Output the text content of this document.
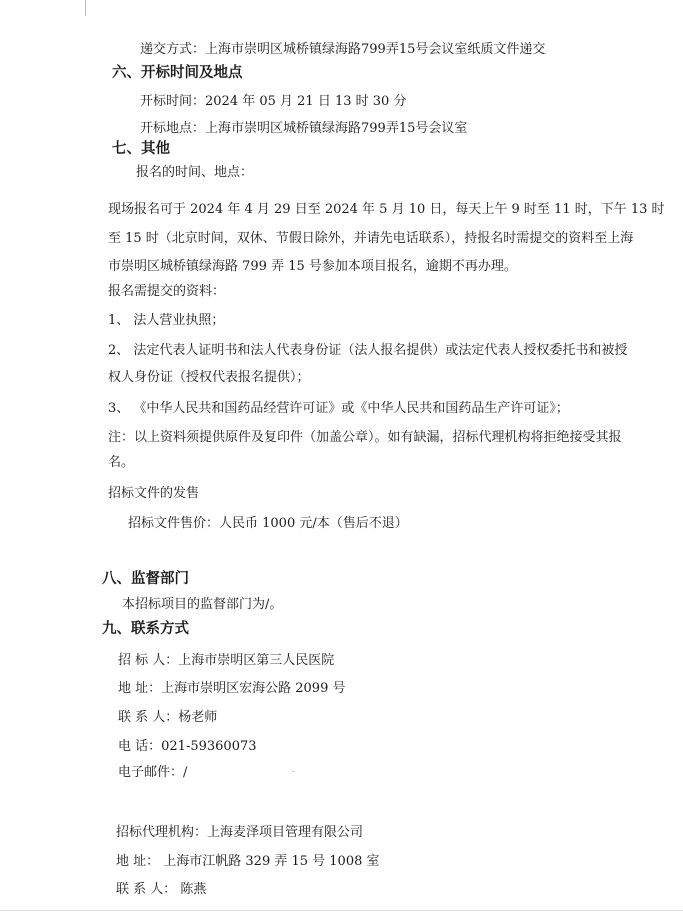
递交方式：上海市崇明区城桥镇绿海路799弄15号会议室纸质文件递交
六、开标时间及地点
开标时间：2024 年 05 月 21 日 13 时 30 分
开标地点：上海市崇明区城桥镇绿海路799弄15号会议室
七、其他
报名的时间、地点：
现场报名可于 2024 年 4 月 29 日至 2024 年 5 月 10 日，每天上午 9 时至 11 时，下午 13 时
至 15 时（北京时间，双休、节假日除外，并请先电话联系），持报名时需提交的资料至上海
市崇明区城桥镇绿海路 799 弄 15 号参加本项目报名，逾期不再办理。
报名需提交的资料：
1、 法人营业执照；
2、 法定代表人证明书和法人代表身份证（法人报名提供）或法定代表人授权委托书和被授
权人身份证（授权代表报名提供）；
3、 《中华人民共和国药品经营许可证》或《中华人民共和国药品生产许可证》；
注：以上资料须提供原件及复印件（加盖公章）。如有缺漏，招标代理机构将拒绝接受其报
名。
招标文件的发售
招标文件售价：人民币 1000 元/本（售后不退）
八、监督部门
本招标项目的监督部门为/。
九、联系方式
招 标 人：上海市崇明区第三人民医院
地 址：上海市崇明区宏海公路 2099 号
联 系 人：杨老师
电 话：021-59360073
电子邮件：/
招标代理机构：上海麦泽项目管理有限公司
地 址： 上海市江帆路 329 弄 15 号 1008 室
联 系 人： 陈燕
